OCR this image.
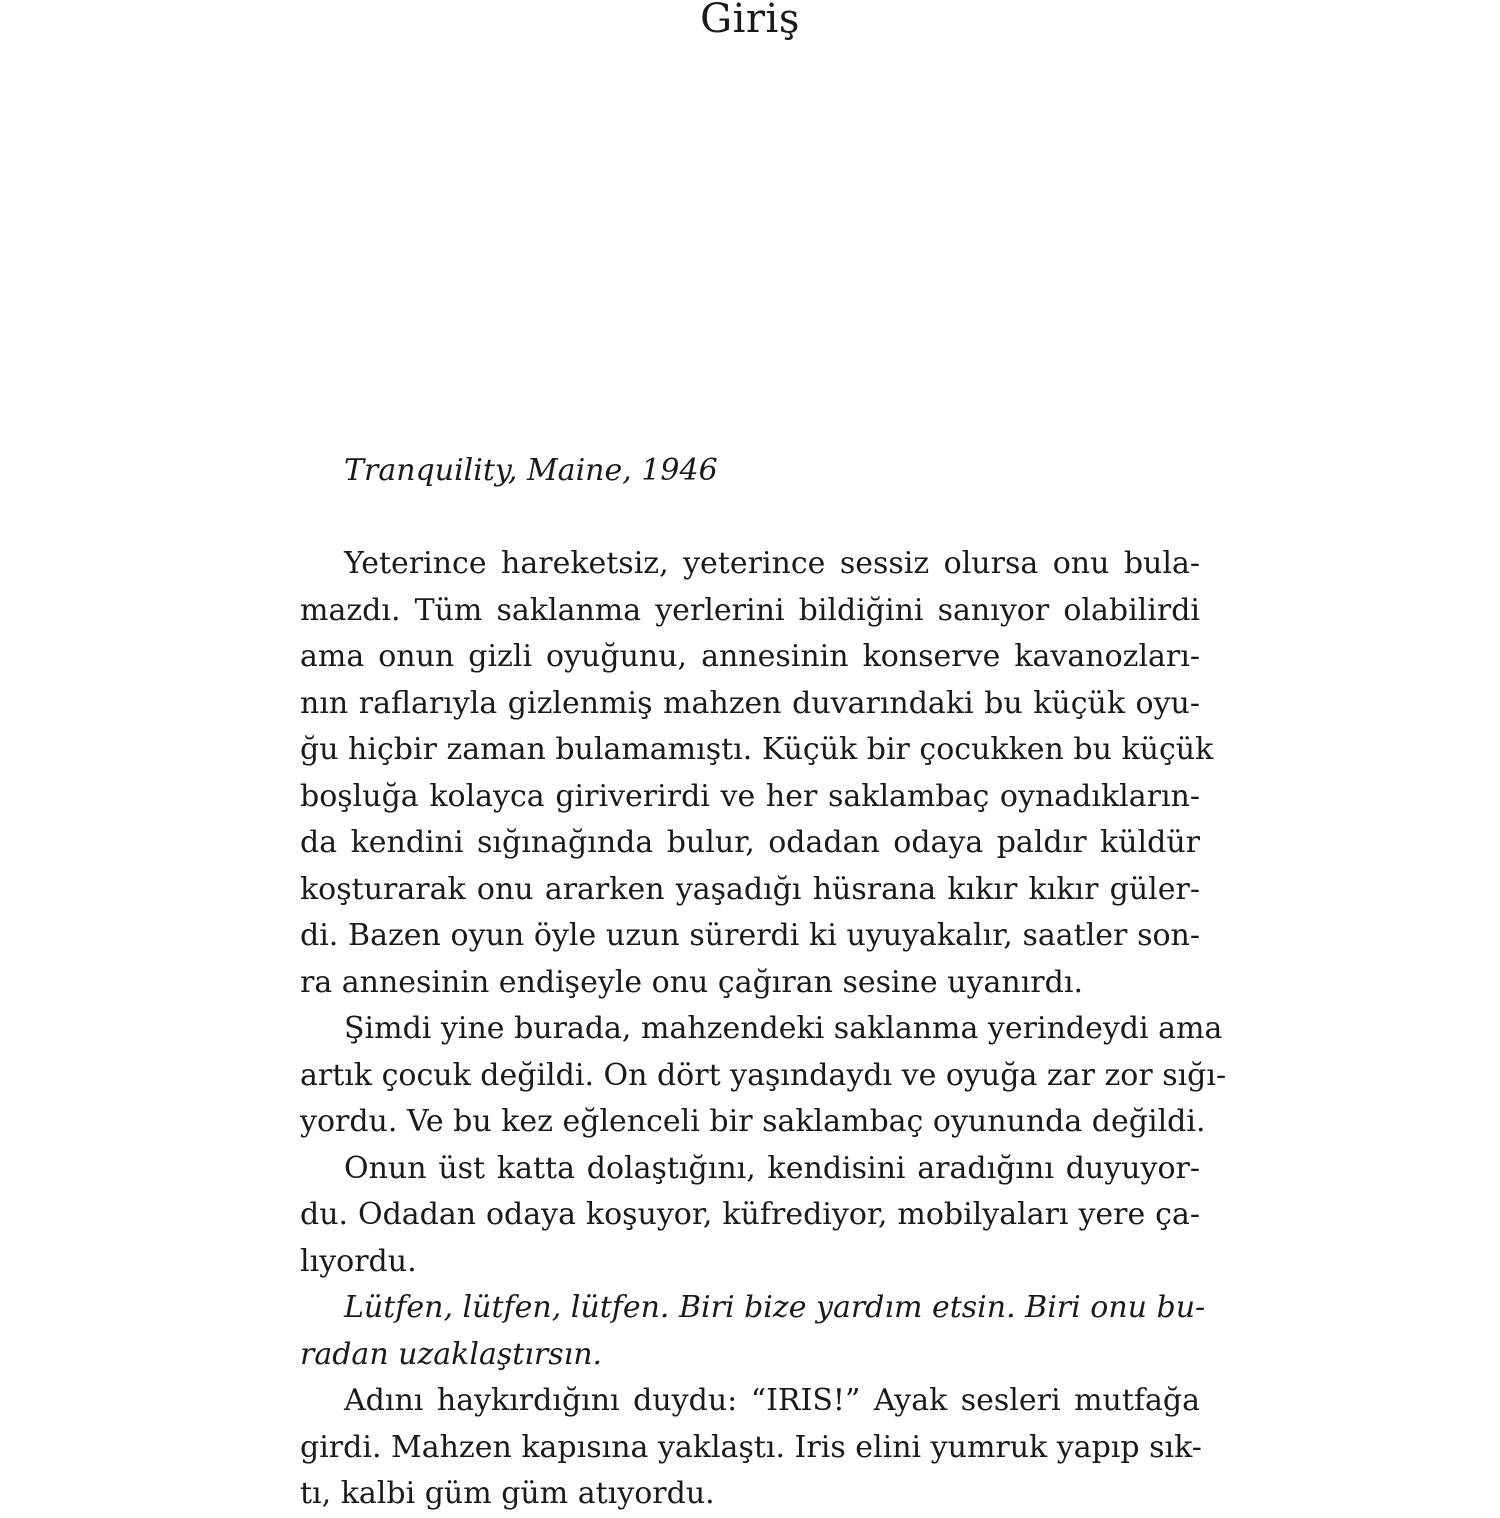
Giriş
Tranquility, Maine, 1946
Yeterince hareketsiz, yeterince sessiz olursa onu bula-
mazdı. Tüm saklanma yerlerini bildiğini sanıyor olabilirdi
ama onun gizli oyuğunu, annesinin konserve kavanozları-
nın raflarıyla gizlenmiş mahzen duvarındaki bu küçük oyu-
ğu hiçbir zaman bulamamıştı. Küçük bir çocukken bu küçük
boşluğa kolayca giriverirdi ve her saklambaç oynadıkların-
da kendini sığınağında bulur, odadan odaya paldır küldür
koşturarak onu ararken yaşadığı hüsrana kıkır kıkır güler-
di. Bazen oyun öyle uzun sürerdi ki uyuyakalır, saatler son-
ra annesinin endişeyle onu çağıran sesine uyanırdı.
Şimdi yine burada, mahzendeki saklanma yerindeydi ama
artık çocuk değildi. On dört yaşındaydı ve oyuğa zar zor sığı-
yordu. Ve bu kez eğlenceli bir saklambaç oyununda değildi.
Onun üst katta dolaştığını, kendisini aradığını duyuyor-
du. Odadan odaya koşuyor, küfrediyor, mobilyaları yere ça-
lıyordu.
Lütfen, lütfen, lütfen. Biri bize yardım etsin. Biri onu bu-
radan uzaklaştırsın.
Adını haykırdığını duydu: “IRIS!” Ayak sesleri mutfağa
girdi. Mahzen kapısına yaklaştı. Iris elini yumruk yapıp sık-
tı, kalbi güm güm atıyordu.
